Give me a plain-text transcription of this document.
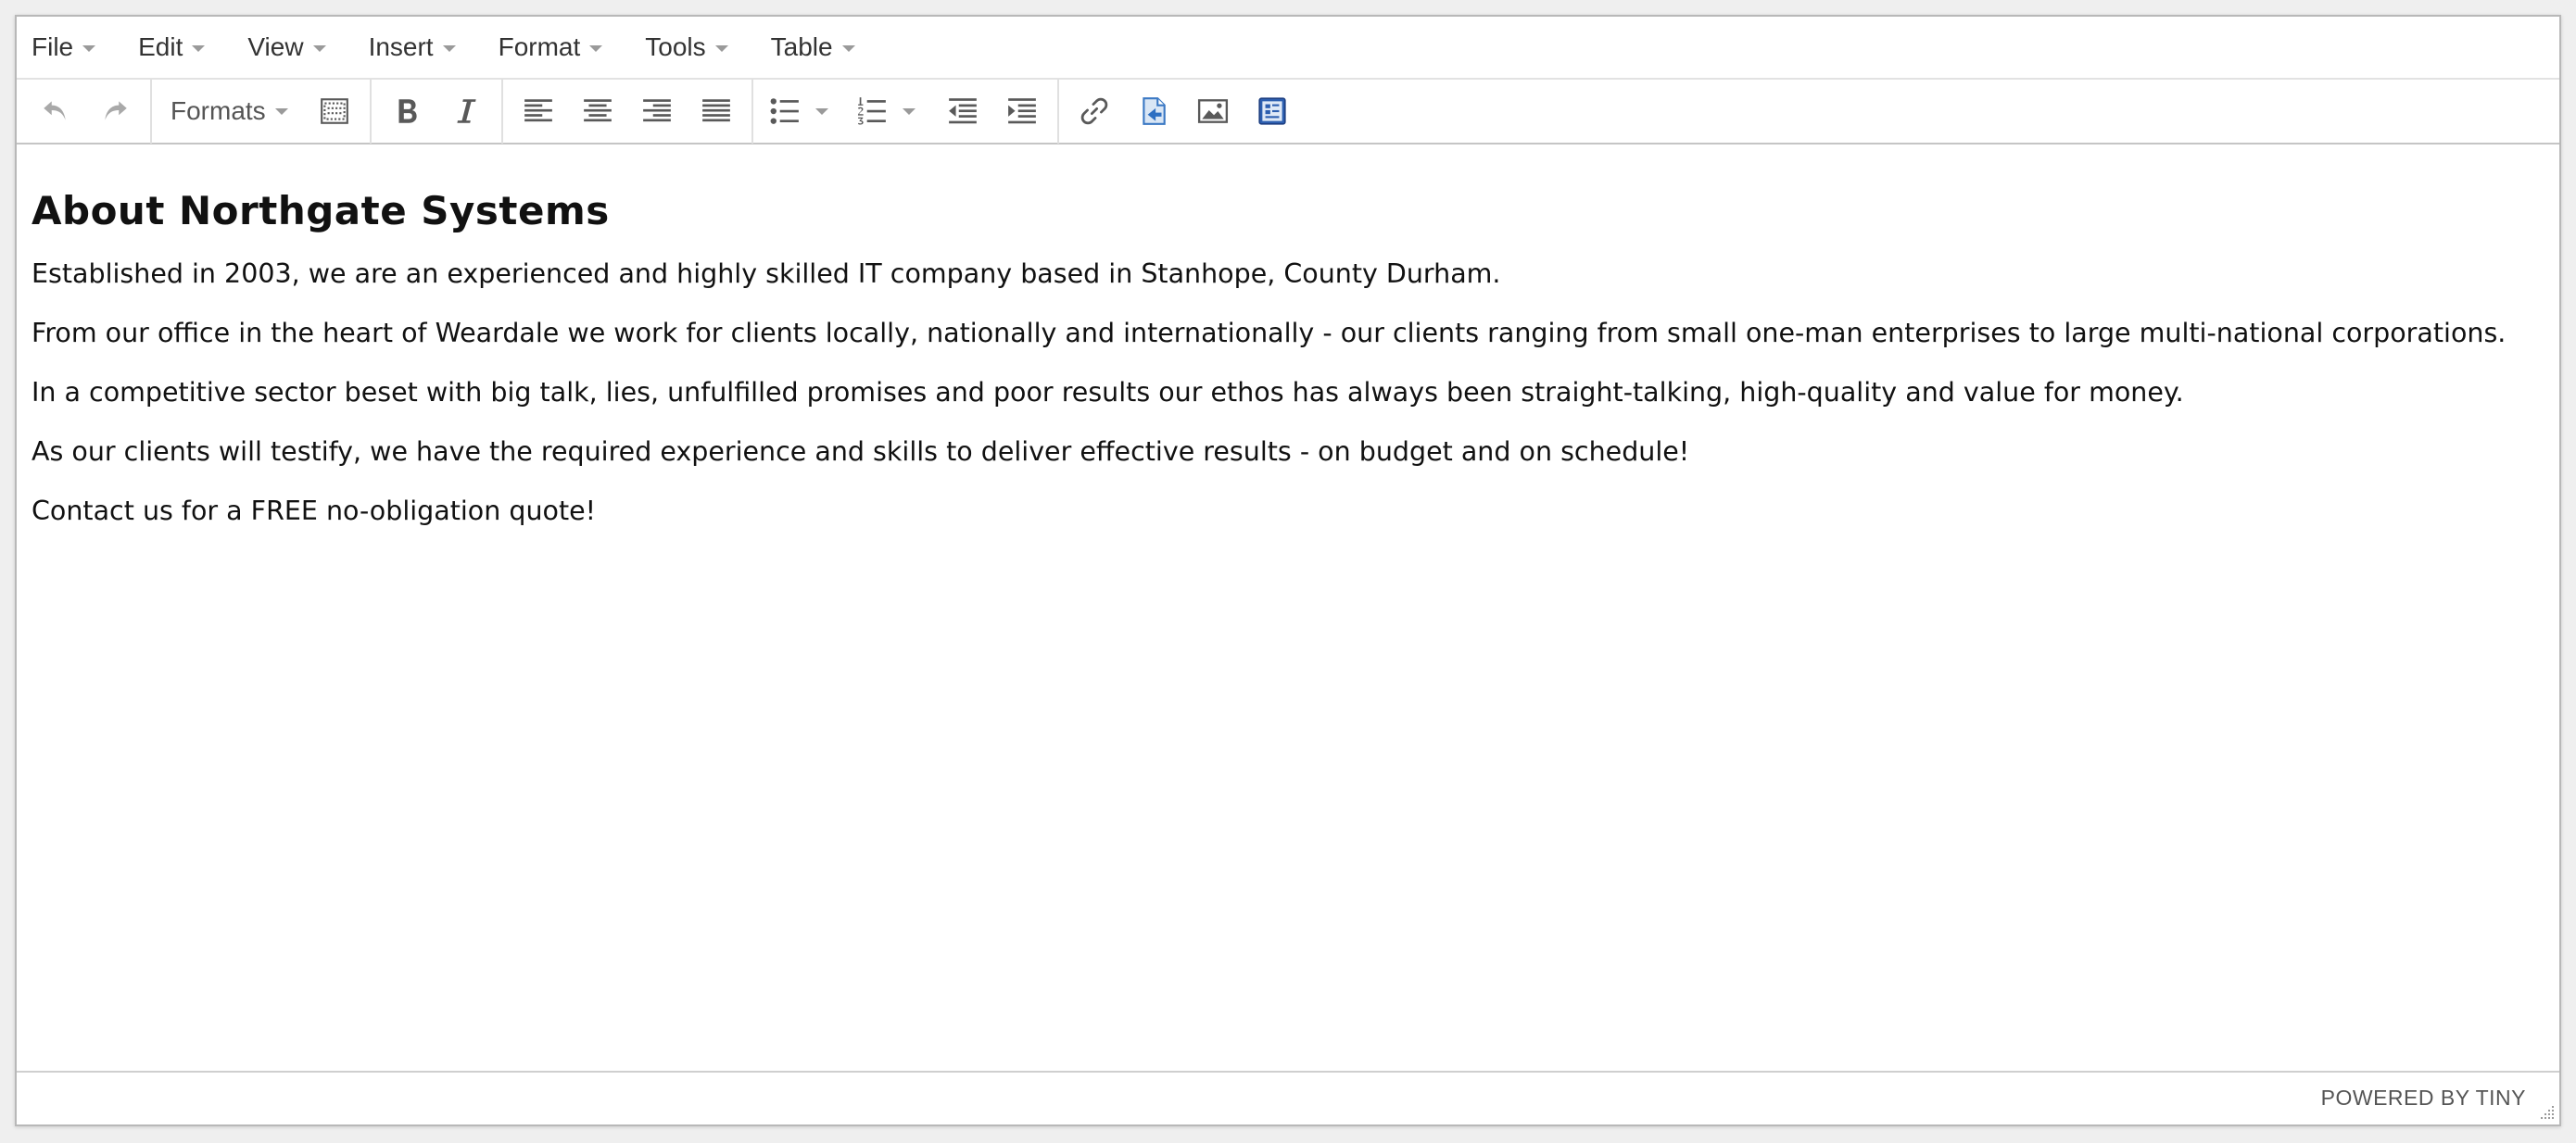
File	Edit	View	Insert	Format	Tools	Table
Formats
About Northgate Systems

Established in 2003, we are an experienced and highly skilled IT company based in Stanhope, County Durham.

From our office in the heart of Weardale we work for clients locally, nationally and internationally - our clients ranging from small one-man enterprises to large multi-national corporations.

In a competitive sector beset with big talk, lies, unfulfilled promises and poor results our ethos has always been straight-talking, high-quality and value for money.

As our clients will testify, we have the required experience and skills to deliver effective results - on budget and on schedule!

Contact us for a FREE no-obligation quote!

POWERED BY TINY
